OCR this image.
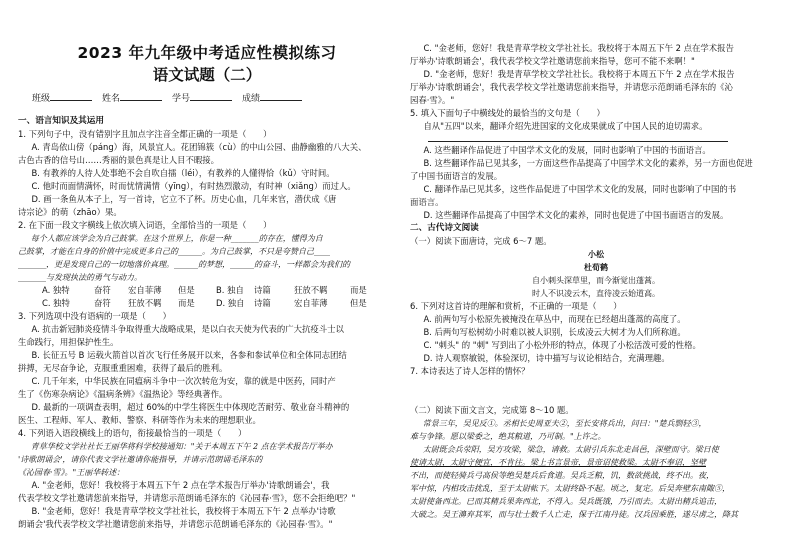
2023 年九年级中考适应性模拟练习
语文试题（二）
班级	姓名	学号	成绩

一、语言知识及其运用

1. 下列句子中，没有错别字且加点字注音全都正确的一项是（　　）

A. 青岛依山傍（páng）海，风景宜人。花团锦簇（cù）的中山公园、曲静幽雅的八大关、

古色古香的信号山……秀丽的景色真是让人目不暇接。

B. 有教养的人待人处事绝不会自吹自擂（léi），有教养的人懂得恰（kǔ）守时间。

C. 他时而面情满怀，时而忧情满情（yīng），有时热烈激动，有时神（xiǎng）而过人。

D. 画一条鱼从本子上，写一首诗，它立不了杯。历史心血，几年来官，潜伏成《唐

诗宗论》的萌（zhāo）果。

2. 在下面一段文字横线上依次填入词语，全部恰当的一项是（　　）

每个人都应该学会为自己鼓掌。在这个世界上，你是一种_______的存在，懂得为自

己鼓掌，才能在自身的价值中完成更多自己的______。为自己鼓掌，不只是夸赞自己____

_______，更是发现自己的一切地落价真理。______的梦想，______的奋斗，一样都会为我们的

_______与发现执法的勇气与动力。

A. 独特	奋符	宏自菲薄	但是	B. 独自	诗篇	狂放不羁	而是
C. 独特	奋符	狂放不羁	而是	D. 独自	诗篇	宏自菲薄	但是

3. 下列选项中没有语病的一项是（　　）

A. 抗击新冠肺炎疫情斗争取得重大战略成果，是以白衣天使为代表的广大抗疫斗士以

生命践行，用担保护性生。

B. 长征五号 B 运载火箭首以首次飞行任务展开以来，各参和参试单位和全体同志团结

拼搏，无尽奋争论，克服重重困难，获得了最后的胜利。

C. 几千年来，中华民族在同瘟病斗争中一次次转危为安，靠的就是中医药，同时产

生了《伤寒杂病论》《温病条辨》《温热论》等经典著作。

D. 最新的一项调查表明，超过 60%的中学生将医生中体现吃苦耐劳、敬业奋斗精神的

医生、工程师、军人、教师、警察、科研等作为未来的理想职业。

4. 下列语入语段横线上的语句，衔接最恰当的一项是（　　）

青草华校文学社社长王丽华将科学校接通知："关于本周五下午 2 点在学术报告厅举办

'诗歌朗诵会'，请你代表文学社邀请你能指导，并请示范朗诵毛泽东的

《沁园春·雪》。"王丽华转述：

A. "金老师，您好！我校将于本周五下午 2 点在学术报告厅举办'诗歌朗诵会'，我

代表学校文学社邀请您前来指导，并请您示范朗诵毛泽东的《沁园春·雪》，您不会拒绝吧？"

B. "金老师，您好！我是青草学校文学社社长，我校将于本周五下午 2 点举办'诗歌

朗诵会'我代表学校文学社邀请您前来指导，并请您示范朗诵毛泽东的《沁园春·雪》。"

C. "金老师，您好！我是青草学校文学社社长。我校将于本周五下午 2 点在学术报告

厅举办'诗歌朗诵会'，我代表学校文学社邀请您前来指导，您可不能不来啊！"

D. "金老师，您好！我是青草学校文学社社长。我校将于本周五下午 2 点在学术报告

厅举办'诗歌朗诵会'，我代表学校文学社邀请您前来指导，并请您示范朗诵毛泽东的《沁

园春·雪》。"

5. 填入下面句子中横线处的最恰当的文句是（　　）

自从"五四"以来，翻译介绍先进国家的文化成果就成了中国人民的迫切需求。

A. 这些翻译作品促进了中国学术文化的发展，同时也影响了中国的书面语言。

B. 这些翻译作品已见其多，一方面这些作品提高了中国学术文化的素养，另一方面也促进

了中国书面语言的发展。

C. 翻译作品已见其多，这些作品促进了中国学术文化的发展，同时也影响了中国的书

面语言。

D. 这些翻译作品提高了中国学术文化的素养，同时也促进了中国书面语言的发展。

二、古代诗文阅读

（一）阅读下面唐诗，完成 6～7 题。

小松

杜荀鹤

自小刺头深草里，而今渐觉出蓬蒿。

时人不识凌云木，直待凌云始道高。

6. 下列对这首诗的理解和赏析，不正确的一项是（　　）

A. 前两句写小松原先被掩没在草丛中，而现在已经超出蓬蒿的高度了。

B. 后两句写松树幼小时难以被人识别，长成凌云大树才为人们所称道。

C. "刺头" 的 "刺" 写到出了小松外形的特点，体现了小松活泼可爱的性格。

D. 诗人观察敏锐，体验深切，诗中描写与议论相结合，充满理趣。

7. 本诗表达了诗人怎样的情怀？

（二）阅读下面文言文，完成第 8～10 题。

常景三年，吴见反①。丞相长史周亚夫②，至长安将兵出，问曰："楚兵剽轻③，

难与争锋。愿以梁委之，绝其粮道，乃可制。"上许之。

太尉既会兵荥阳，吴方攻梁，梁急，请救。太尉引兵东北走昌邑，深壁而守。梁日使

使请太尉，太尉守便宜，不肯往。梁上书言景帝，景帝诏使救梁。太尉不奉诏，坚壁

不出，而使轻骑兵弓高侯等绝吴楚兵后食道。吴兵乏粮，饥，数欲挑战，终不出。夜，

军中惊，内相攻击扰乱，至于太尉帐下。太尉终卧不起。顷之，复定。后吴奔壁东南陬⑤，

太尉使备西北。已而其精兵果奔西北，不得入。吴兵既饿，乃引而去。太尉出精兵追击，

大破之。吴王濞弃其军，而与壮士数千人亡走，保于江南丹徒。汉兵因乘胜，遂尽虏之，降其
